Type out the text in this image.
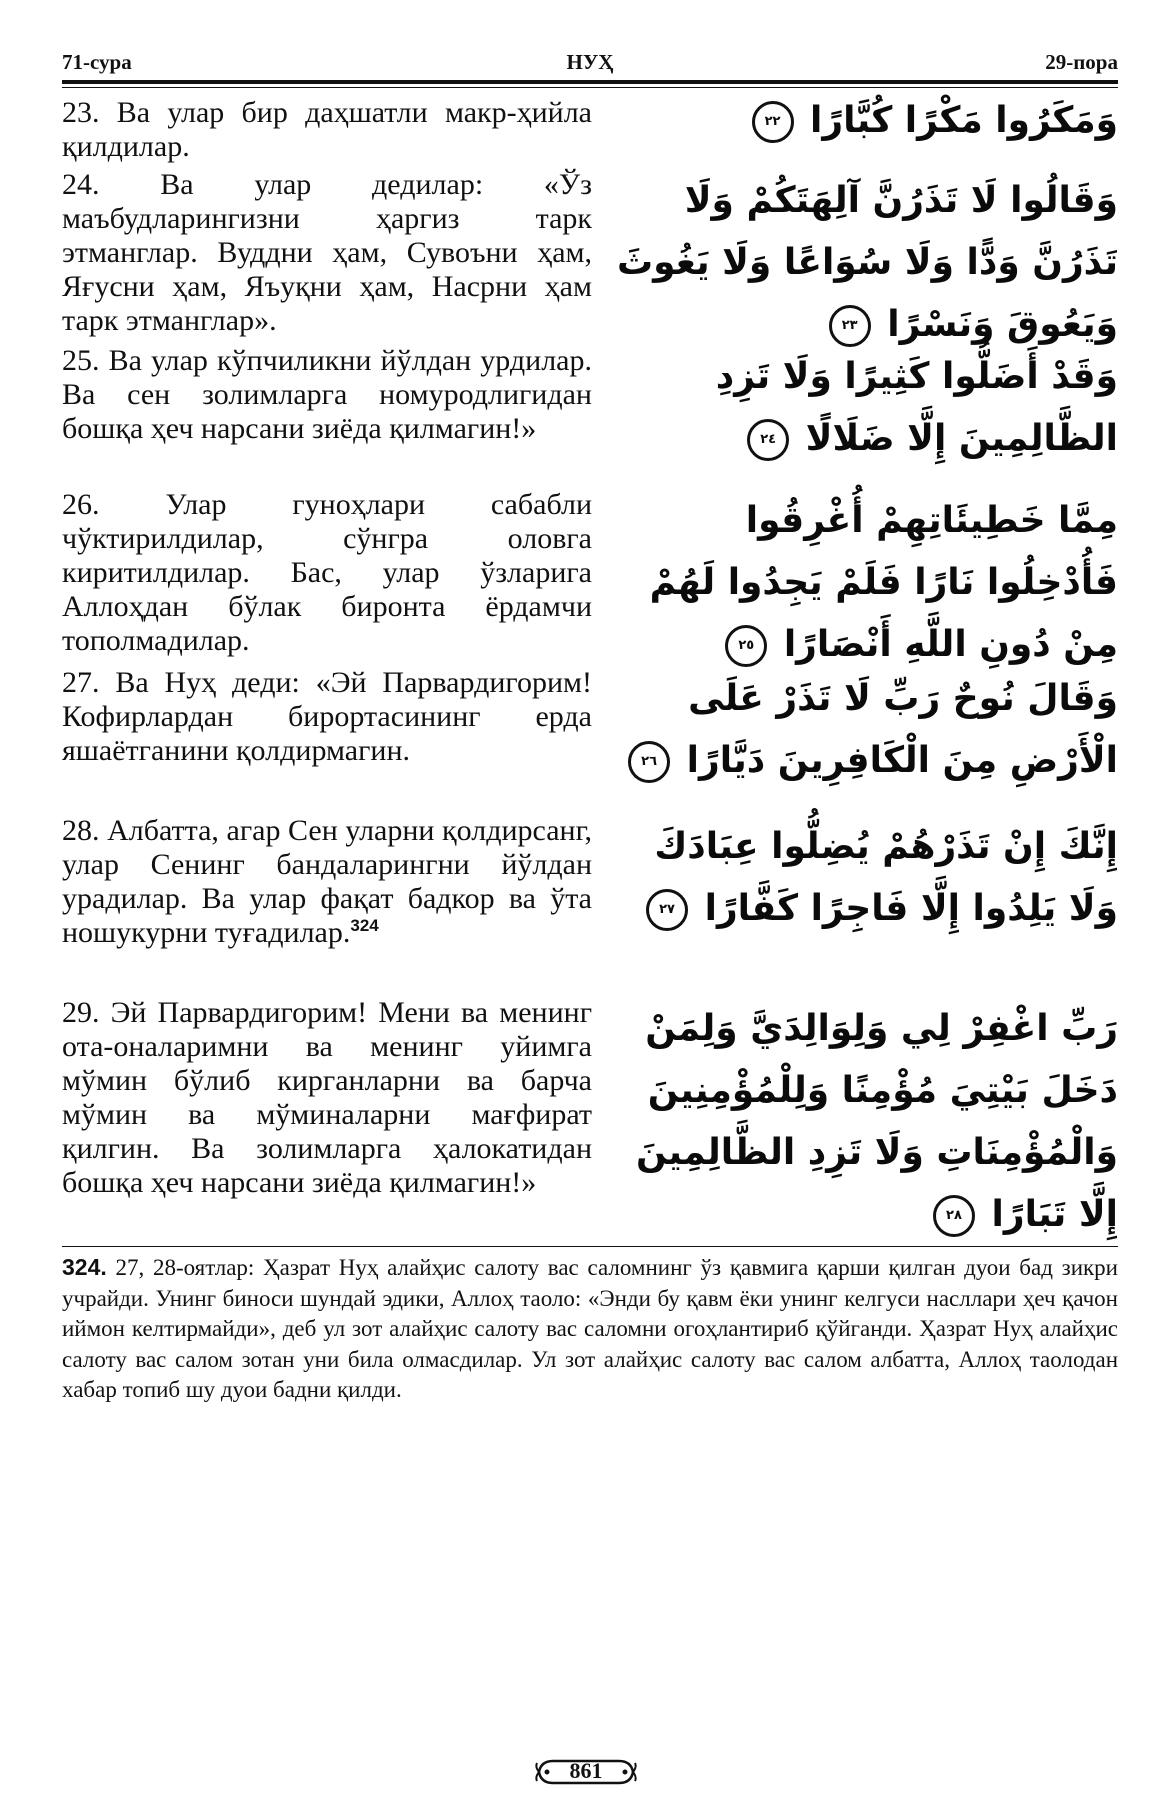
71-сура	НУҲ	29-пора
23. Ва улар бир даҳшатли макр-ҳийла қилдилар.
وَمَكَرُوا مَكْرًا كُبَّارًا ٢٢
24. Ва улар дедилар: «Ўз маъбудларингизни ҳаргиз тарк этманглар. Вуддни ҳам, Сувоъни ҳам, Яғусни ҳам, Яъуқни ҳам, Насрни ҳам тарк этманглар».
وَقَالُوا لَا تَذَرُنَّ آلِهَتَكُمْ وَلَا تَذَرُنَّ وَدًّا وَلَا سُوَاعًا وَلَا يَغُوثَ وَيَعُوقَ وَنَسْرًا ٢٣
25. Ва улар кўпчиликни йўлдан урдилар. Ва сен золимларга номуродлигидан бошқа ҳеч нарсани зиёда қилмагин!»
وَقَدْ أَضَلُّوا كَثِيرًا وَلَا تَزِدِ الظَّالِمِينَ إِلَّا ضَلَالًا ٢٤
26. Улар гуноҳлари сабабли чўктирилдилар, сўнгра оловга киритилдилар. Бас, улар ўзларига Аллоҳдан бўлак биронта ёрдамчи тополмадилар.
مِمَّا خَطِيئَاتِهِمْ أُغْرِقُوا فَأُدْخِلُوا نَارًا فَلَمْ يَجِدُوا لَهُمْ مِنْ دُونِ اللَّهِ أَنْصَارًا ٢٥
27. Ва Нуҳ деди: «Эй Парвардигорим! Кофирлардан бирортасининг ерда яшаётганини қолдирмагин.
وَقَالَ نُوحٌ رَبِّ لَا تَذَرْ عَلَى الْأَرْضِ مِنَ الْكَافِرِينَ دَيَّارًا ٢٦
28. Албатта, агар Сен уларни қолдирсанг, улар Сенинг бандаларингни йўлдан урадилар. Ва улар фақат бадкор ва ўта ношукурни туғадилар.$^{324}$
إِنَّكَ إِنْ تَذَرْهُمْ يُضِلُّوا عِبَادَكَ وَلَا يَلِدُوا إِلَّا فَاجِرًا كَفَّارًا ٢٧
29. Эй Парвардигорим! Мени ва менинг ота-оналаримни ва менинг уйимга мўмин бўлиб кирганларни ва барча мўмин ва мўминаларни мағфират қилгин. Ва золимларга ҳалокатидан бошқа ҳеч нарсани зиёда қилмагин!»
رَبِّ اغْفِرْ لِي وَلِوَالِدَيَّ وَلِمَنْ دَخَلَ بَيْتِيَ مُؤْمِنًا وَلِلْمُؤْمِنِينَ وَالْمُؤْمِنَاتِ وَلَا تَزِدِ الظَّالِمِينَ إِلَّا تَبَارًا ٢٨
324. 27, 28-оятлар: Ҳазрат Нуҳ алайҳис салоту вас саломнинг ўз қавмига қарши қилган дуои бад зикри учрайди. Унинг биноси шундай эдики, Аллоҳ таоло: «Энди бу қавм ёки унинг келгуси насллари ҳеч қачон иймон келтирмайди», деб ул зот алайҳис салоту вас саломни огоҳлантириб қўйганди. Ҳазрат Нуҳ алайҳис салоту вас салом зотан уни била олмасдилар. Ул зот алайҳис салоту вас салом албатта, Аллоҳ таолодан хабар топиб шу дуои бадни қилди.
861
